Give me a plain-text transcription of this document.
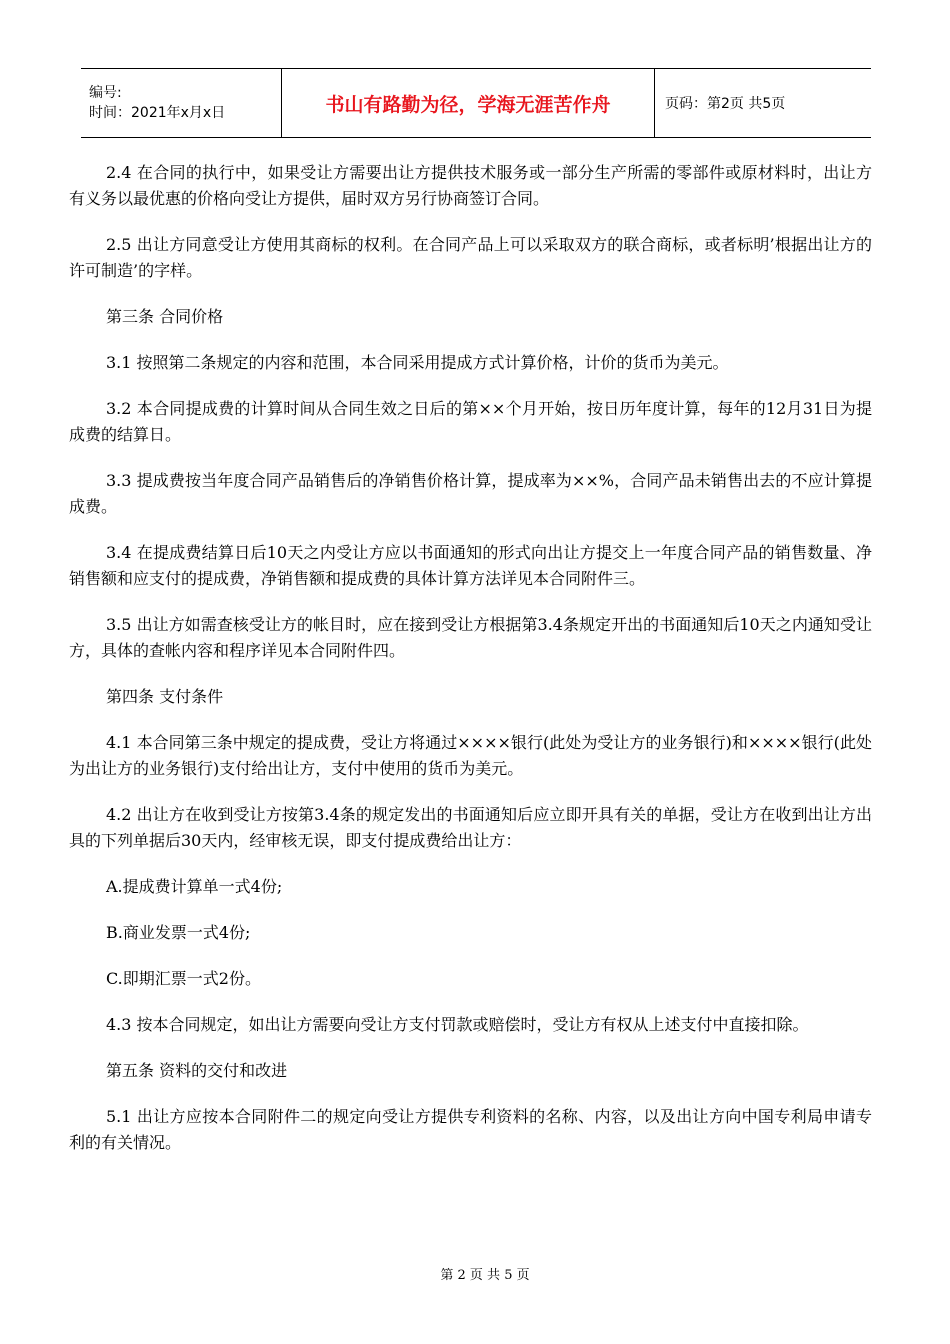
编号:
时间：2021年x月x日	书山有路勤为径，学海无涯苦作舟	页码：第2页 共5页

2.4 在合同的执行中，如果受让方需要出让方提供技术服务或一部分生产所需的零部件或原材料时，出让方有义务以最优惠的价格向受让方提供，届时双方另行协商签订合同。

2.5 出让方同意受让方使用其商标的权利。在合同产品上可以采取双方的联合商标，或者标明’根据出让方的许可制造’的字样。

第三条 合同价格

3.1 按照第二条规定的内容和范围，本合同采用提成方式计算价格，计价的货币为美元。

3.2 本合同提成费的计算时间从合同生效之日后的第××个月开始，按日历年度计算，每年的12月31日为提成费的结算日。

3.3 提成费按当年度合同产品销售后的净销售价格计算，提成率为××%，合同产品未销售出去的不应计算提成费。

3.4 在提成费结算日后10天之内受让方应以书面通知的形式向出让方提交上一年度合同产品的销售数量、净销售额和应支付的提成费，净销售额和提成费的具体计算方法详见本合同附件三。

3.5 出让方如需查核受让方的帐目时，应在接到受让方根据第3.4条规定开出的书面通知后10天之内通知受让方，具体的查帐内容和程序详见本合同附件四。

第四条 支付条件

4.1 本合同第三条中规定的提成费，受让方将通过××××银行(此处为受让方的业务银行)和××××银行(此处为出让方的业务银行)支付给出让方，支付中使用的货币为美元。

4.2 出让方在收到受让方按第3.4条的规定发出的书面通知后应立即开具有关的单据，受让方在收到出让方出具的下列单据后30天内，经审核无误，即支付提成费给出让方：

A.提成费计算单一式4份;

B.商业发票一式4份;

C.即期汇票一式2份。

4.3 按本合同规定，如出让方需要向受让方支付罚款或赔偿时，受让方有权从上述支付中直接扣除。

第五条 资料的交付和改进

5.1 出让方应按本合同附件二的规定向受让方提供专利资料的名称、内容，以及出让方向中国专利局申请专利的有关情况。

第 2 页 共 5 页
